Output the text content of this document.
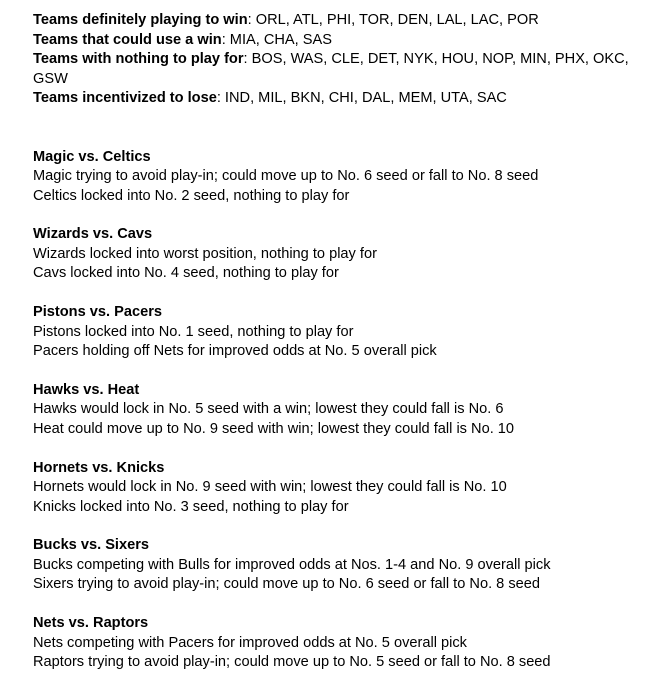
Teams definitely playing to win: ORL, ATL, PHI, TOR, DEN, LAL, LAC, POR

Teams that could use a win: MIA, CHA, SAS

Teams with nothing to play for: BOS, WAS, CLE, DET, NYK, HOU, NOP, MIN, PHX, OKC, GSW

Teams incentivized to lose: IND, MIL, BKN, CHI, DAL, MEM, UTA, SAC

Magic vs. Celtics

Magic trying to avoid play-in; could move up to No. 6 seed or fall to No. 8 seed

Celtics locked into No. 2 seed, nothing to play for

Wizards vs. Cavs

Wizards locked into worst position, nothing to play for

Cavs locked into No. 4 seed, nothing to play for

Pistons vs. Pacers

Pistons locked into No. 1 seed, nothing to play for

Pacers holding off Nets for improved odds at No. 5 overall pick

Hawks vs. Heat

Hawks would lock in No. 5 seed with a win; lowest they could fall is No. 6

Heat could move up to No. 9 seed with win; lowest they could fall is No. 10

Hornets vs. Knicks

Hornets would lock in No. 9 seed with win; lowest they could fall is No. 10

Knicks locked into No. 3 seed, nothing to play for

Bucks vs. Sixers

Bucks competing with Bulls for improved odds at Nos. 1-4 and No. 9 overall pick

Sixers trying to avoid play-in; could move up to No. 6 seed or fall to No. 8 seed

Nets vs. Raptors

Nets competing with Pacers for improved odds at No. 5 overall pick

Raptors trying to avoid play-in; could move up to No. 5 seed or fall to No. 8 seed
